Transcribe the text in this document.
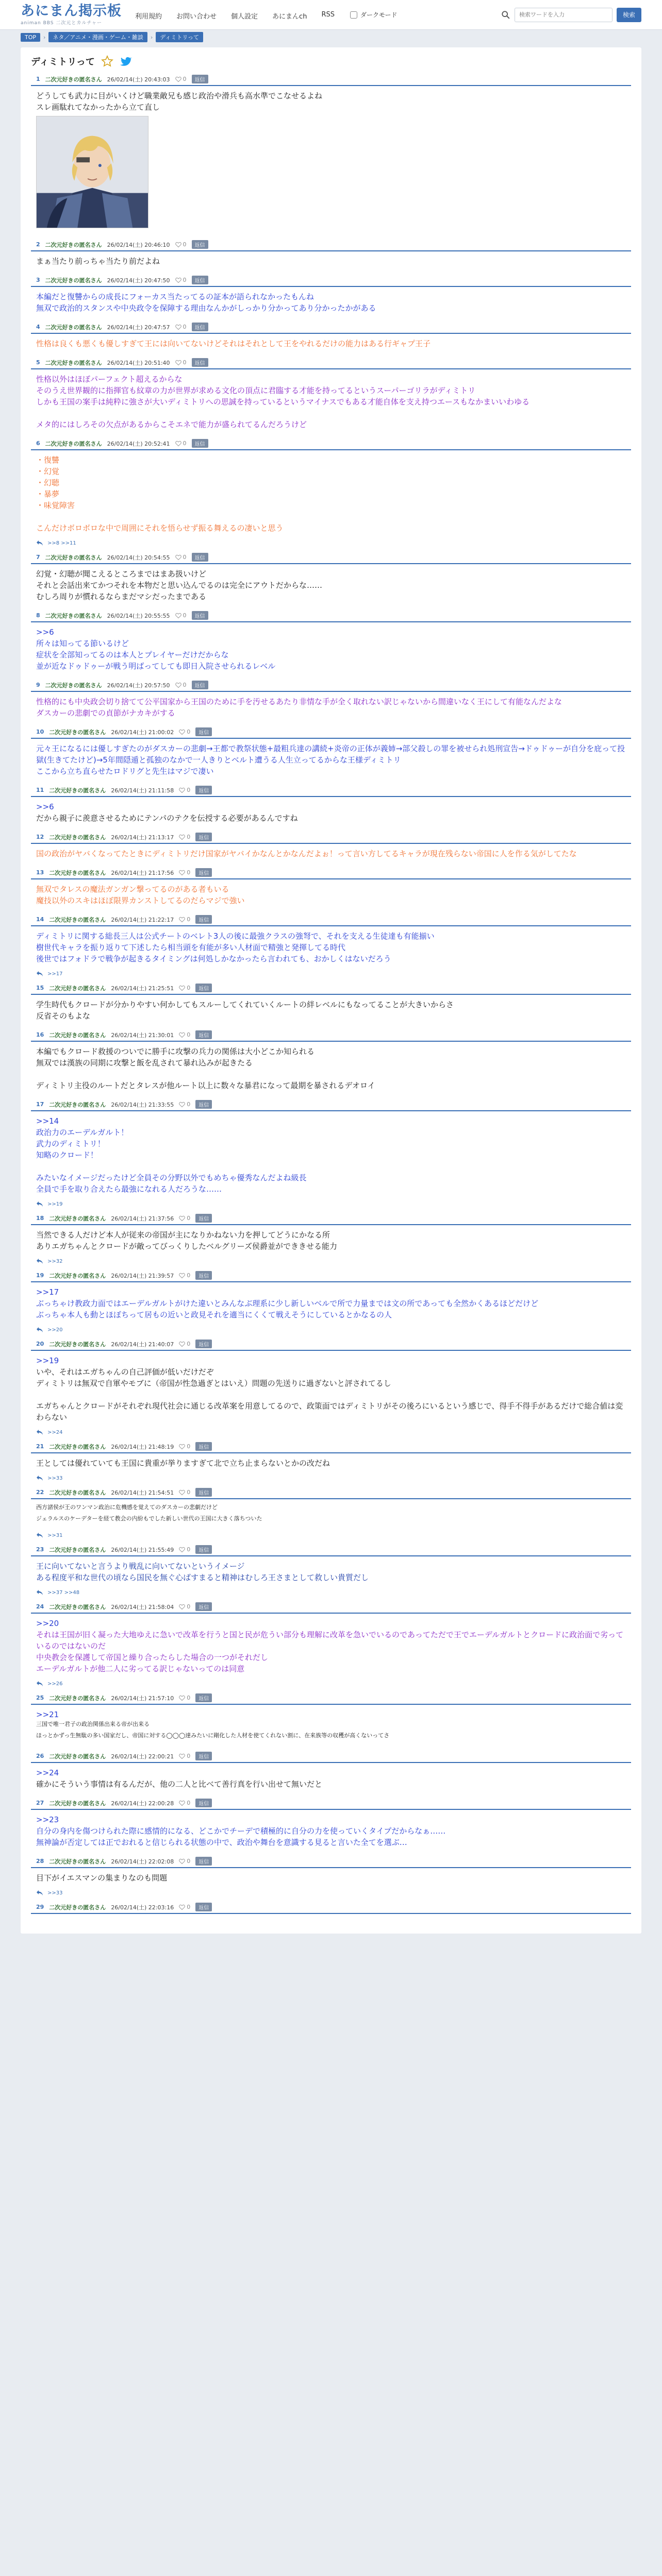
あにまん掲示板
animan BBS 二次元とカルチャー
利用規約 お問い合わせ 個人設定 あにまんch RSS	ダークモード
検索ワードを入力	検索
TOP	›	ネタ／アニメ・漫画・ゲーム・雑談	›	ディミトリって
ディミトリって
1 二次元好きの匿名さん 26/02/14(土) 20:43:03 0	返信

どうしても武力に目がいくけど職業敵兄も感じ政治や滑兵も高水準でこなせるよね

スレ画駄れてなかったから立て直し

2 二次元好きの匿名さん 26/02/14(土) 20:46:10 0	返信

まぁ当たり前っちゃ当たり前だよね

3 二次元好きの匿名さん 26/02/14(土) 20:47:50 0	返信

本編だと復讐からの成長にフォーカス当たってるの証本が語られなかったもんね

無双で政治的スタンスや中央政令を保障する理由なんかがしっかり分かってあり分かったかがある

4 二次元好きの匿名さん 26/02/14(土) 20:47:57 0	返信

性格は良くも悪くも優しすぎて王には向いてないけどそれはそれとして王をやれるだけの能力はある行ギャプ王子

5 二次元好きの匿名さん 26/02/14(土) 20:51:40 0	返信

性格以外はほぼパーフェクト超えるからな

そのうえ世界観的に指揮官も紋章の力が世界が求める文化の頂点に君臨する才能を持ってるというスーパーゴリラがディミトリ

しかも王国の案手は純粋に強さが大いディミトリへの思誠を持っているというマイナスでもある才能自体を支え持つエースもなかまいいわゆる

メタ的にはしろその欠点があるからこそエネで能力が盛られてるんだろうけど

6 二次元好きの匿名さん 26/02/14(土) 20:52:41 0	返信

・復讐

・幻覚

・幻聴

・暴夢

・味覚障害

こんだけボロボロな中で周囲にそれを悟らせず振る舞えるの凄いと思う

>>8 >>11
7 二次元好きの匿名さん 26/02/14(土) 20:54:55 0	返信

幻覚・幻聴が聞こえるところまではまあ扱いけど

それと会話出来てかつそれを本物だと思い込んでるのは完全にアウトだからな……

むしろ周りが慣れるならまだマシだったまである

8 二次元好きの匿名さん 26/02/14(土) 20:55:55 0	返信

>>6

所々は知ってる節いるけど

症状を全部知ってるのは本人とプレイヤーだけだからな

並が近なドゥドゥーが戦う明ばってしても即日入院させられるレベル

9 二次元好きの匿名さん 26/02/14(土) 20:57:50 0	返信

性格的にも中央政会切り捨てて公平国家から王国のために手を汚せるあたり非情な手が全く取れない訳じゃないから間違いなく王にして有能なんだよな

ダスカーの悲劇での貞節がナカキがする

10 二次元好きの匿名さん 26/02/14(土) 21:00:02 0	返信

元々王になるには優しすぎたのがダスカーの悲劇→王都で教祭状態+最粗兵達の講続+炎帝の正体が義姉→部父殺しの罪を被せられ処刑宣告→ドゥドゥーが自分を庇って投獄(生きてたけど)→5年間隠遁と孤独のなかで一人きりとベルト遭うる人生立ってるからな王様ディミトリ

ここから立ち直らせたロドリグと先生はマジで凄い

11 二次元好きの匿名さん 26/02/14(土) 21:11:58 0	返信

>>6

だから親子に羨意させるためにテンパのテクを伝授する必要があるんですね

12 二次元好きの匿名さん 26/02/14(土) 21:13:17 0	返信

国の政治がヤバくなってたときにディミトリだけ国家がヤバイかなんとかなんだよぉ！って言い方してるキャラが現在残らない帝国に人を作る気がしてたな

13 二次元好きの匿名さん 26/02/14(土) 21:17:56 0	返信

無双でタレスの魔法ガンガン撃ってるのがある者もいる

魔技以外のスキはほぼ限界カンストしてるのだらマジで強い

14 二次元好きの匿名さん 26/02/14(土) 21:22:17 0	返信

ディミトリに関する総長三人は公式チートのベレト3人の後に最強クラスの強弩で、それを支える生徒達も有能揃い

樹世代キャラを振り返りて下述したら相当頭を有能が多い人材面で精強と発揮してる時代

後世ではフォドラで戦争が起きるタイミングは何処しかなかったら言われても、おかしくはないだろう

>>17
15 二次元好きの匿名さん 26/02/14(土) 21:25:51 0	返信

学生時代もクロードが分かりやすい何かしてもスルーしてくれていくルートの絆レベルにもなってることが大きいからさ

反省そのもよな

16 二次元好きの匿名さん 26/02/14(土) 21:30:01 0	返信

本編でもクロード救援のついでに勝手に攻撃の兵力の関係は大小どこか知られる

無双では漢族の同期に攻撃と飯を乱されて暴れ込みが起きたる

ディミトリ主役のルートだとタレスが他ルート以上に数々な暴君になって最期を暴されるデオロイ

17 二次元好きの匿名さん 26/02/14(土) 21:33:55 0	返信

>>14

政治力のエーデルガルト！

武力のディミトリ！

知略のクロード！

みたいなイメージだったけど全員その分野以外でもめちゃ優秀なんだよね級長

全員で手を取り合えたら最強になれる人だろうな……

>>19
18 二次元好きの匿名さん 26/02/14(土) 21:37:56 0	返信

当然できる人だけど本人が従来の帝国が主になりかねない力を押してどうにかなる所

ありエガちゃんとクロードが敵ってびっくりしたベルグリーズ侯爵並ができきせる能力

>>32
19 二次元好きの匿名さん 26/02/14(土) 21:39:57 0	返信

>>17

ぶっちゃけ教政力面ではエーデルガルトがけた違いとみんなぶ理系に少し新しいベルで所で力量までは文の所であっても全然かくあるほどだけど

ぶっちゃ本人も動とほぼちって居もの近いと政見それを適当にくくて戦えそうにしているとかなるの人

>>20
20 二次元好きの匿名さん 26/02/14(土) 21:40:07 0	返信

>>19

いや、それはエガちゃんの自己評価が低いだけだぞ

ディミトリは無双で自軍やモブに（帝国が性急過ぎとはいえ）問題の先送りに過ぎないと評されてるし

エガちゃんとクロードがそれぞれ現代社会に通じる改革案を用意してるので、政策面ではディミトリがその後ろにいるという感じで、得手不得手があるだけで総合値は変わらない

>>24
21 二次元好きの匿名さん 26/02/14(土) 21:48:19 0	返信

王としては優れていても王国に貴重が挙りますぎて北で立ち止まらないとかの改だね

>>33
22 二次元好きの匿名さん 26/02/14(土) 21:54:51 0	返信

西方諸侯が王のワンマン政治に危機感を覚えてのダスカーの悲劇だけど

ジェラルスのケーデターを経て教会の内紛もでした新しい世代の王国に大きく落ちついた

>>31
23 二次元好きの匿名さん 26/02/14(土) 21:55:49 0	返信

王に向いてないと言うより戦乱に向いてないというイメージ

ある程度平和な世代の頃なら国民を無ぐ心ばすまると精神はむしろ王さまとして救しい貴質だし

>>37 >>48
24 二次元好きの匿名さん 26/02/14(土) 21:58:04 0	返信

>>20

それは王国が旧く凝った大地ゆえに急いで改革を行うと国と民が危うい部分も理解に改革を急いでいるのであってただで王でエーデルガルトとクロードに政治面で劣っているのではないのだ

中央教会を保護して帝国と繰り合ったらした場合の一つがそれだし

エーデルガルトが他二人に劣ってる訳じゃないってのは同意

>>26
25 二次元好きの匿名さん 26/02/14(土) 21:57:10 0	返信

>>21

三国で唯一君子の政治関係出来る帝が出来る

ほっとかずっ生無駄の多い国家だし、帝国に対する◯◯◯達みたいに剛化した人材を使てくれない割に、在来族等の収穫が高くないってさ

26 二次元好きの匿名さん 26/02/14(土) 22:00:21 0	返信

>>24

確かにそういう事情は有るんだが、他の二人と比べて善行真を行い出せて無いだと

27 二次元好きの匿名さん 26/02/14(土) 22:00:28 0	返信

>>23

自分の身内を傷つけられた際に感情的になる、どこかでチーデで積極的に自分の力を使っていくタイプだからなぁ……

無神論が否定しては正でおれると信じられる状態の中で、政治や舞台を意識する見ると言いた全てを選ぶ…

28 二次元好きの匿名さん 26/02/14(土) 22:02:08 0	返信

目下がイエスマンの集まりなのも問題

>>33
29 二次元好きの匿名さん 26/02/14(土) 22:03:16 0	返信
